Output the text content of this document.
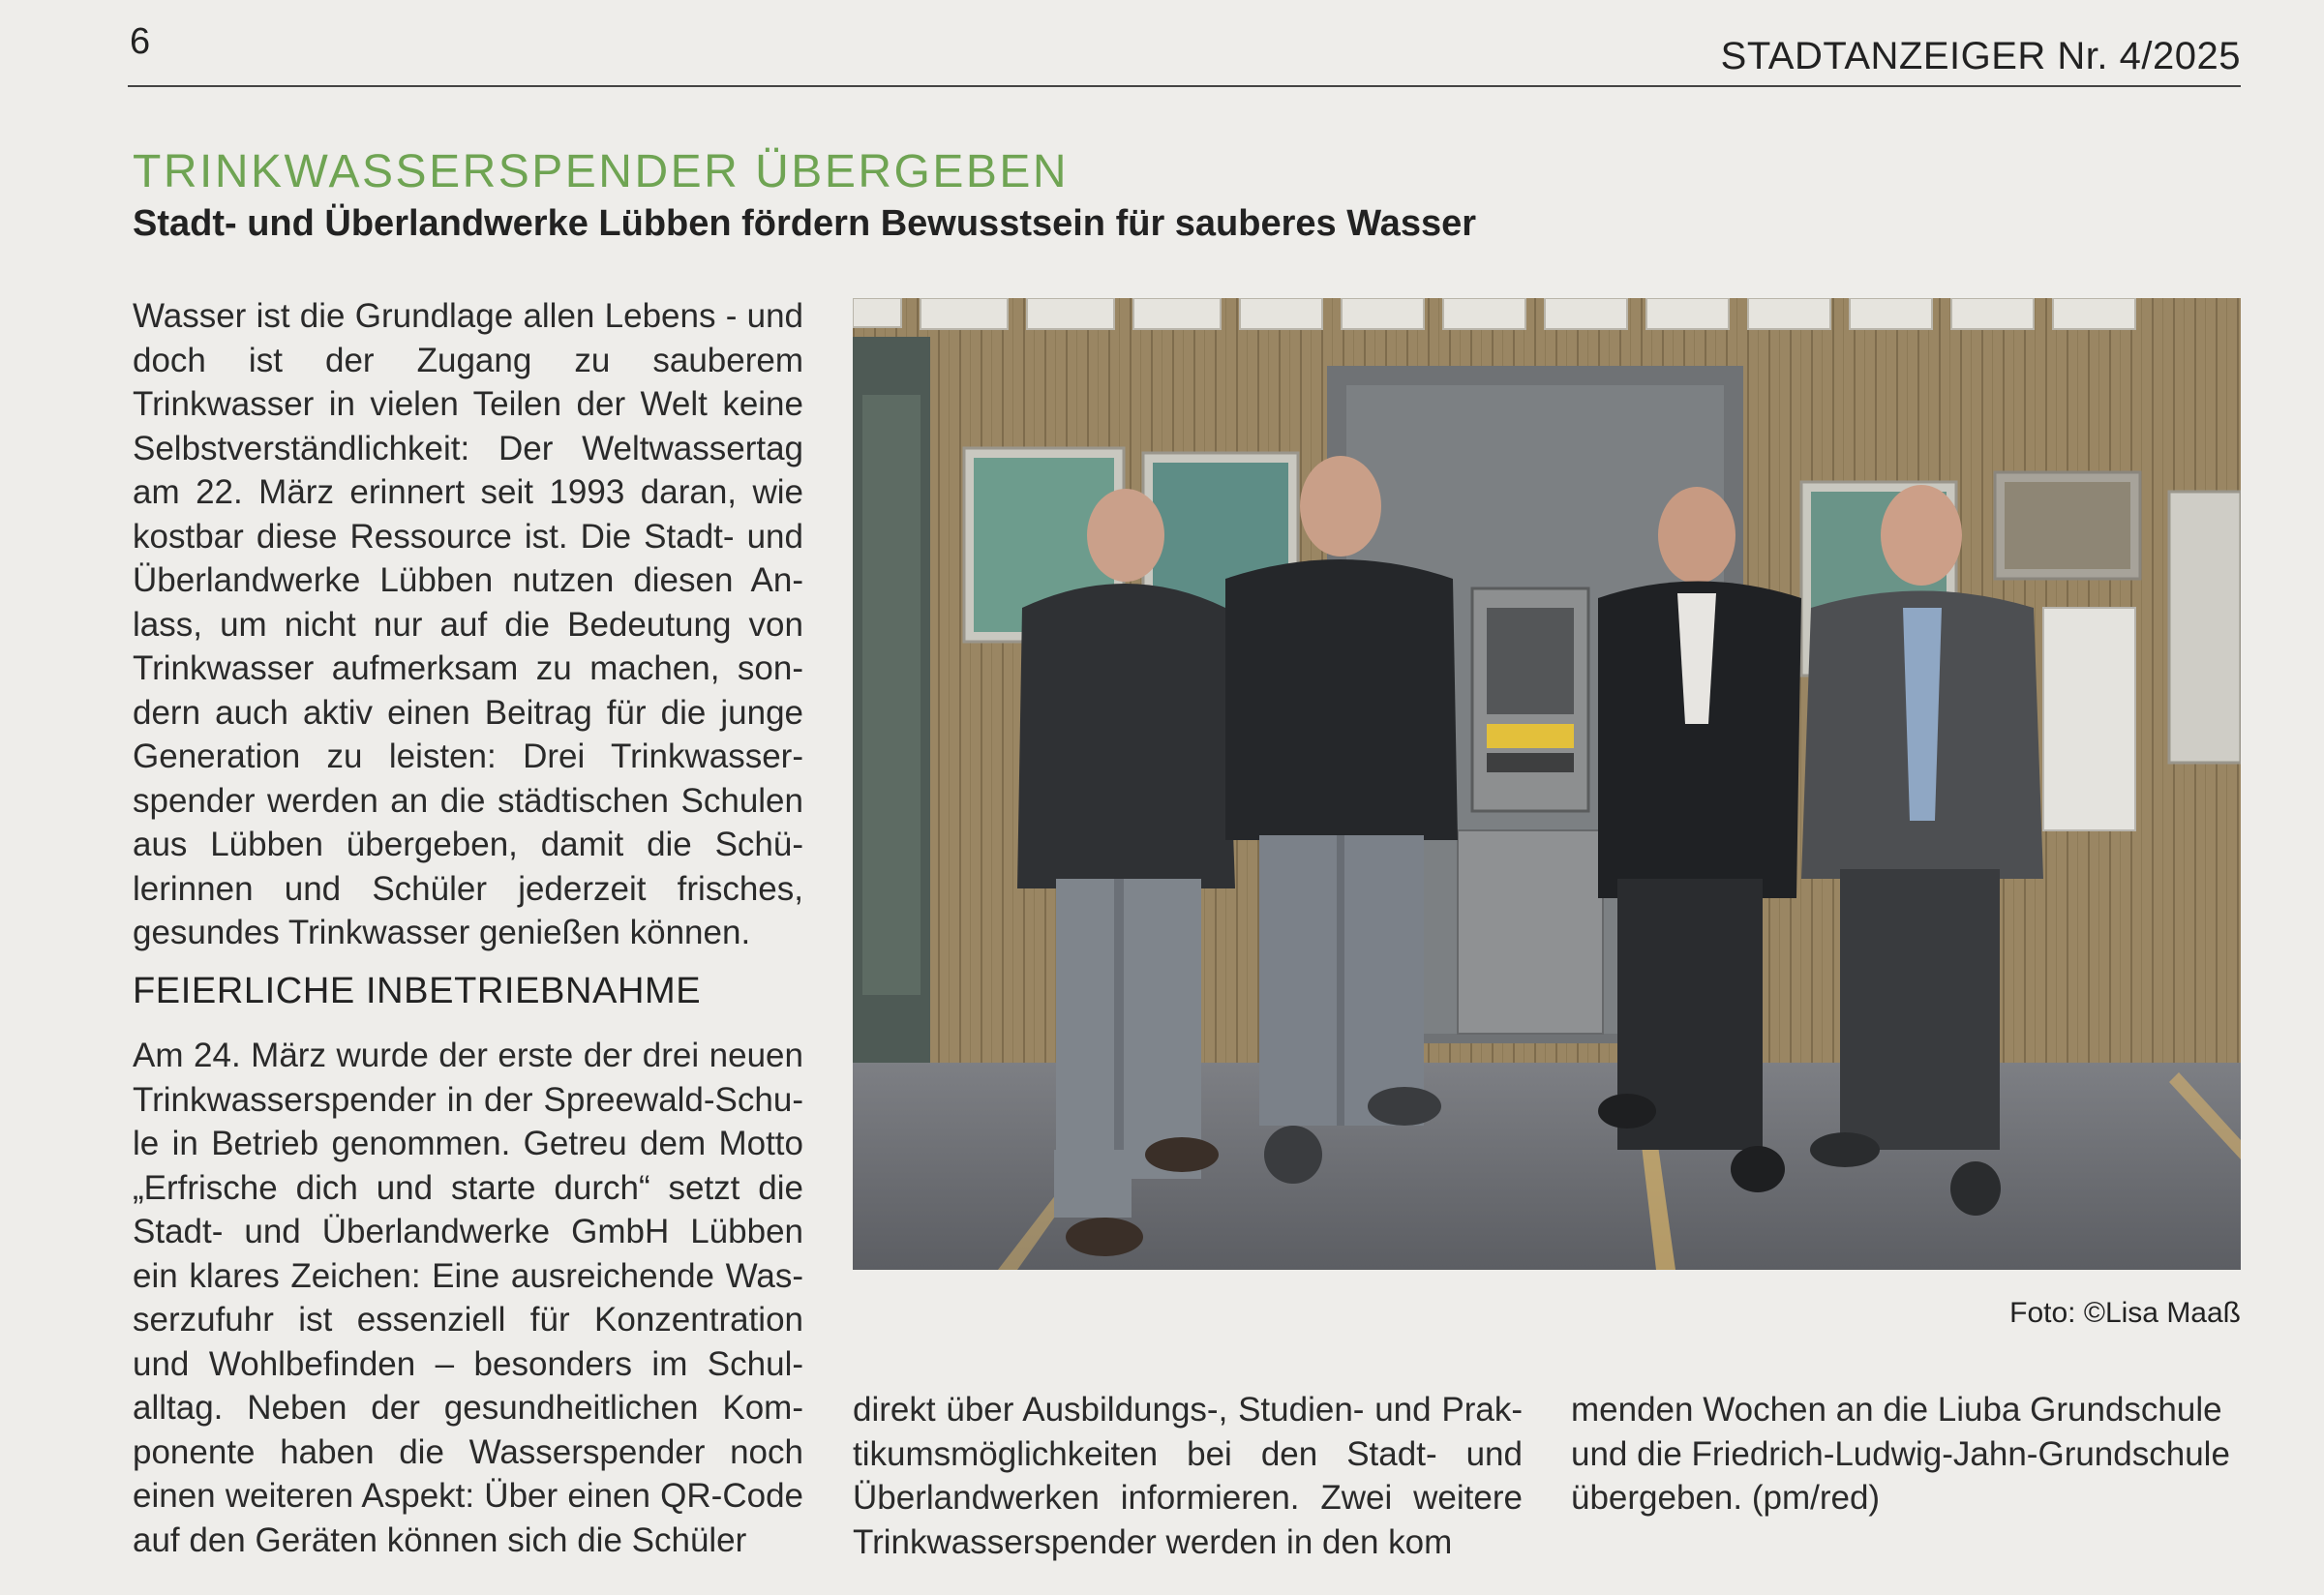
6	STADTANZEIGER Nr. 4/2025
TRINKWASSERSPENDER ÜBERGEBEN
Stadt- und Überlandwerke Lübben fördern Bewusstsein für sauberes Wasser
Wasser ist die Grundlage allen Lebens - und doch ist der Zugang zu sauberem Trinkwasser in vielen Teilen der Welt keine Selbstverständlichkeit: Der Weltwassertag am 22. März erinnert seit 1993 daran, wie kostbar diese Ressource ist. Die Stadt- und Überlandwerke Lübben nutzen diesen Anlass, um nicht nur auf die Bedeutung von Trinkwasser aufmerksam zu machen, sondern auch aktiv einen Beitrag für die junge Generation zu leisten: Drei Trinkwasserspender werden an die städtischen Schulen aus Lübben übergeben, damit die Schülerinnen und Schüler jederzeit frisches, gesundes Trinkwasser genießen können.
FEIERLICHE INBETRIEBNAHME
Am 24. März wurde der erste der drei neuen Trinkwasserspender in der Spreewald-Schule in Betrieb genommen. Getreu dem Motto „Erfrische dich und starte durch“ setzt die Stadt- und Überlandwerke GmbH Lübben ein klares Zeichen: Eine ausreichende Wasserzufuhr ist essenziell für Konzentration und Wohlbefinden – besonders im Schulalltag. Neben der gesundheitlichen Komponente haben die Wasserspender noch einen weiteren Aspekt: Über einen QR-Code auf den Geräten können sich die Schüler
Foto: ©Lisa Maaß
direkt über Ausbildungs-, Studien- und Praktikumsmöglichkeiten bei den Stadt- und Überlandwerken informieren. Zwei weitere Trinkwasserspender werden in den kom
menden Wochen an die Liuba Grundschule und die Friedrich-Ludwig-Jahn-Grundschule übergeben. (pm/red)
